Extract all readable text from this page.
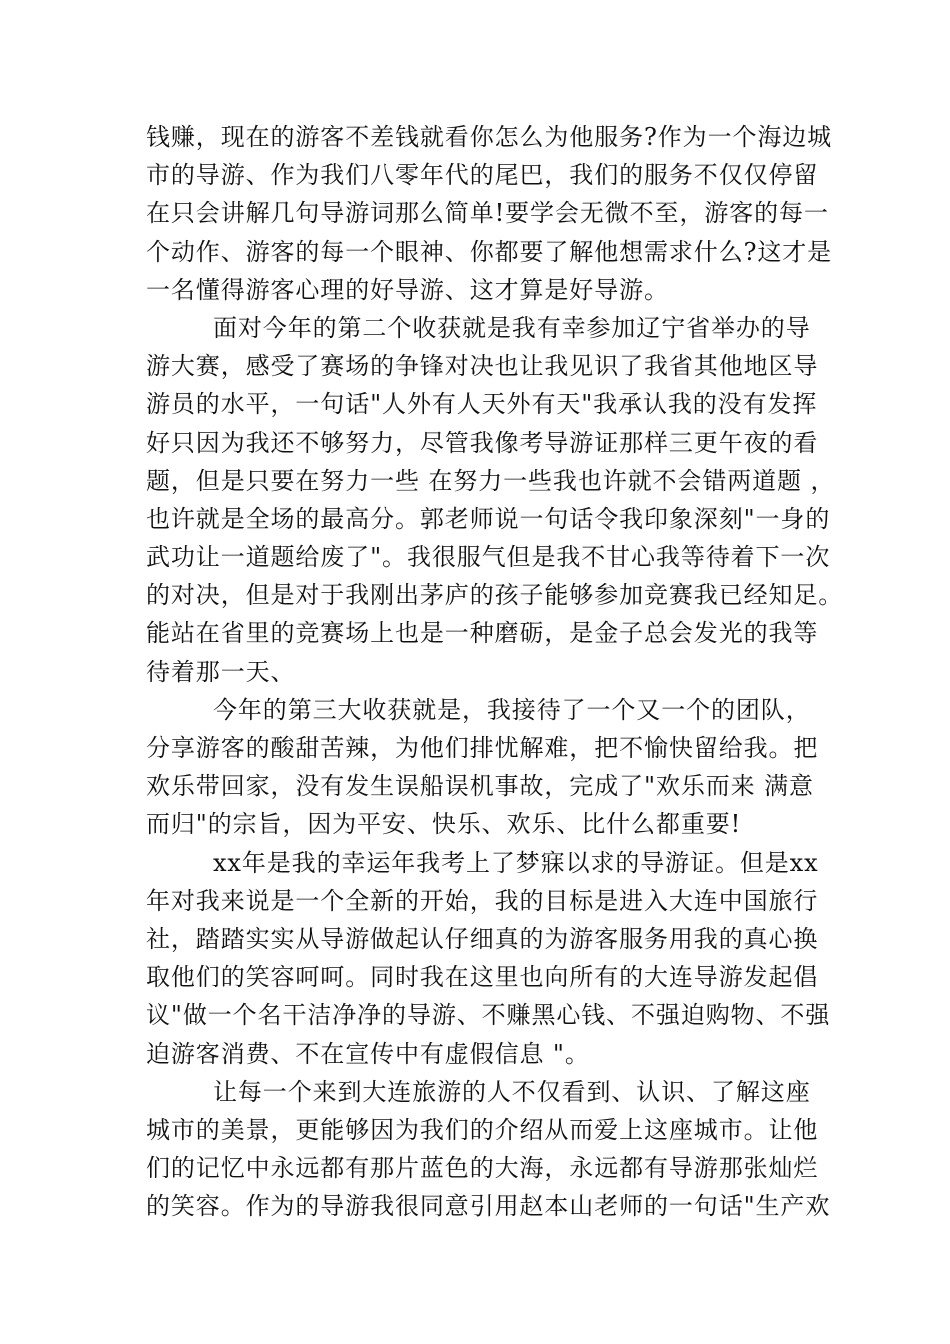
钱赚，现在的游客不差钱就看你怎么为他服务?作为一个海边城
市的导游、作为我们八零年代的尾巴，我们的服务不仅仅停留
在只会讲解几句导游词那么简单!要学会无微不至，游客的每一
个动作、游客的每一个眼神、你都要了解他想需求什么?这才是
一名懂得游客心理的好导游、这才算是好导游。
面对今年的第二个收获就是我有幸参加辽宁省举办的导
游大赛，感受了赛场的争锋对决也让我见识了我省其他地区导
游员的水平，一句话"人外有人天外有天"我承认我的没有发挥
好只因为我还不够努力，尽管我像考导游证那样三更午夜的看
题，但是只要在努力一些 在努力一些我也许就不会错两道题 ，
也许就是全场的最高分。郭老师说一句话令我印象深刻"一身的
武功让一道题给废了"。我很服气但是我不甘心我等待着下一次
的对决，但是对于我刚出茅庐的孩子能够参加竞赛我已经知足。
能站在省里的竞赛场上也是一种磨砺，是金子总会发光的我等
待着那一天、
今年的第三大收获就是，我接待了一个又一个的团队，
分享游客的酸甜苦辣，为他们排忧解难，把不愉快留给我。把
欢乐带回家，没有发生误船误机事故，完成了"欢乐而来 满意
而归"的宗旨，因为平安、快乐、欢乐、比什么都重要!
xx年是我的幸运年我考上了梦寐以求的导游证。但是xx
年对我来说是一个全新的开始，我的目标是进入大连中国旅行
社，踏踏实实从导游做起认仔细真的为游客服务用我的真心换
取他们的笑容呵呵。同时我在这里也向所有的大连导游发起倡
议"做一个名干洁净净的导游、不赚黑心钱、不强迫购物、不强
迫游客消费、不在宣传中有虚假信息 "。
让每一个来到大连旅游的人不仅看到、认识、了解这座
城市的美景，更能够因为我们的介绍从而爱上这座城市。让他
们的记忆中永远都有那片蓝色的大海，永远都有导游那张灿烂
的笑容。作为的导游我很同意引用赵本山老师的一句话"生产欢
